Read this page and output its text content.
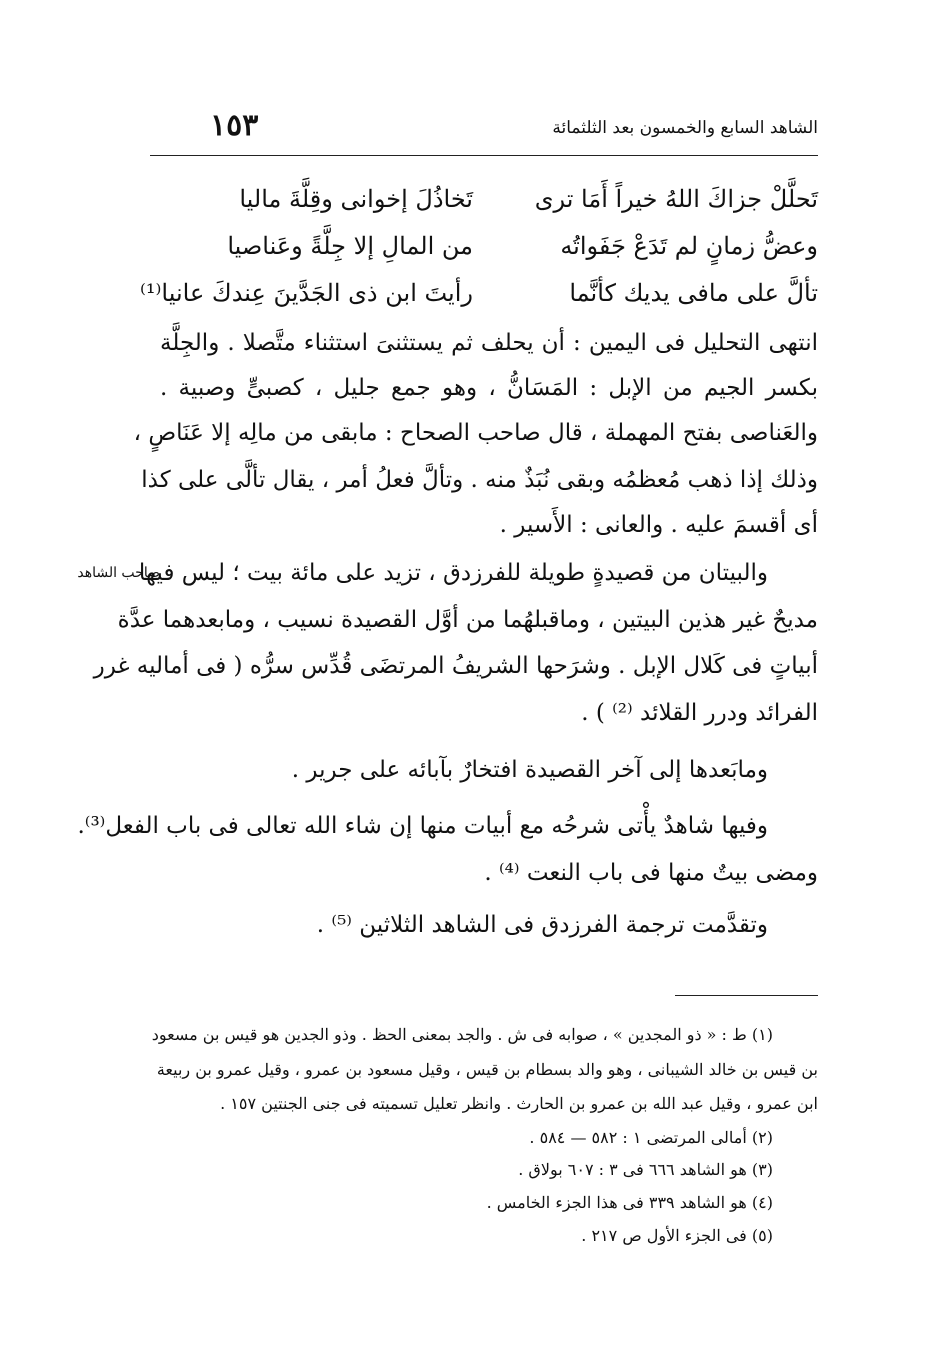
الشاهد السابع والخمسون بعد الثلثمائة
١٥٣
تَحلَّلْ جزاكَ اللهُ خيراً أَمَا ترى
تَخاذُلَ إخوانى وقِلَّةَ ماليا
وعضُّ زمانٍ لم تَدَعْ جَفَواتُه
من المالِ إلا جِلَّةً وعَناصيا
تألَّ على مافى يديك كأنَّما
رأيتَ ابن ذى الجَدَّينَ عِندكَ عانيا⁽¹⁾
انتهى التحليل فى اليمين : أن يحلف ثم يستثنىَ استثناء متَّصلا . والجِلَّة
بكسر الجيم من الإبل : المَسَانُّ ، وهو جمع جليل ، كصبىٍّ وصبية .
والعَناصى بفتح المهملة ، قال صاحب الصحاح : مابقى من مالِه إلا عَنَاصٍ ،
وذلك إذا ذهب مُعظمُه وبقى نُبَذٌ منه . وتألَّ فعلُ أمر ، يقال تألَّى على كذا
أى أقسمَ عليه . والعانى : الأَسير .
والبيتان من قصيدةٍ طويلة للفرزدق ، تزيد على مائة بيت ؛ ليس فيها
صاحب الشاهد
مديحٌ غير هذين البيتين ، وماقبلهُما من أوَّل القصيدة نسيب ، ومابعدهما عدَّة
أبياتٍ فى كَلال الإبل . وشرَحها الشريفُ المرتضَى قُدِّس سرُّه ( فى أماليه غرر
الفرائد ودرر القلائد ⁽²⁾ ) .
ومابَعدها إلى آخر القصيدة افتخارٌ بآبائه على جرير .
وفيها شاهدٌ يأْتى شرحُه مع أبيات منها إن شاء الله تعالى فى باب الفعل⁽³⁾.
ومضى بيتٌ منها فى باب النعت ⁽⁴⁾ .
وتقدَّمت ترجمة الفرزدق فى الشاهد الثلاثين ⁽⁵⁾ .
(١) ط : « ذو المجدين » ، صوابه فى ش . والجد بمعنى الحظ . وذو الجدين هو قيس بن مسعود
بن قيس بن خالد الشيبانى ، وهو والد بسطام بن قيس ، وقيل مسعود بن عمرو ، وقيل عمرو بن ربيعة
ابن عمرو ، وقيل عبد الله بن عمرو بن الحارث . وانظر تعليل تسميته فى جنى الجنتين ١٥٧ .
(٢) أمالى المرتضى ١ : ٥٨٢ — ٥٨٤ .
(٣) هو الشاهد ٦٦٦ فى ٣ : ٦٠٧ بولاق .
(٤) هو الشاهد ٣٣٩ فى هذا الجزء الخامس .
(٥) فى الجزء الأول ص ٢١٧ .
